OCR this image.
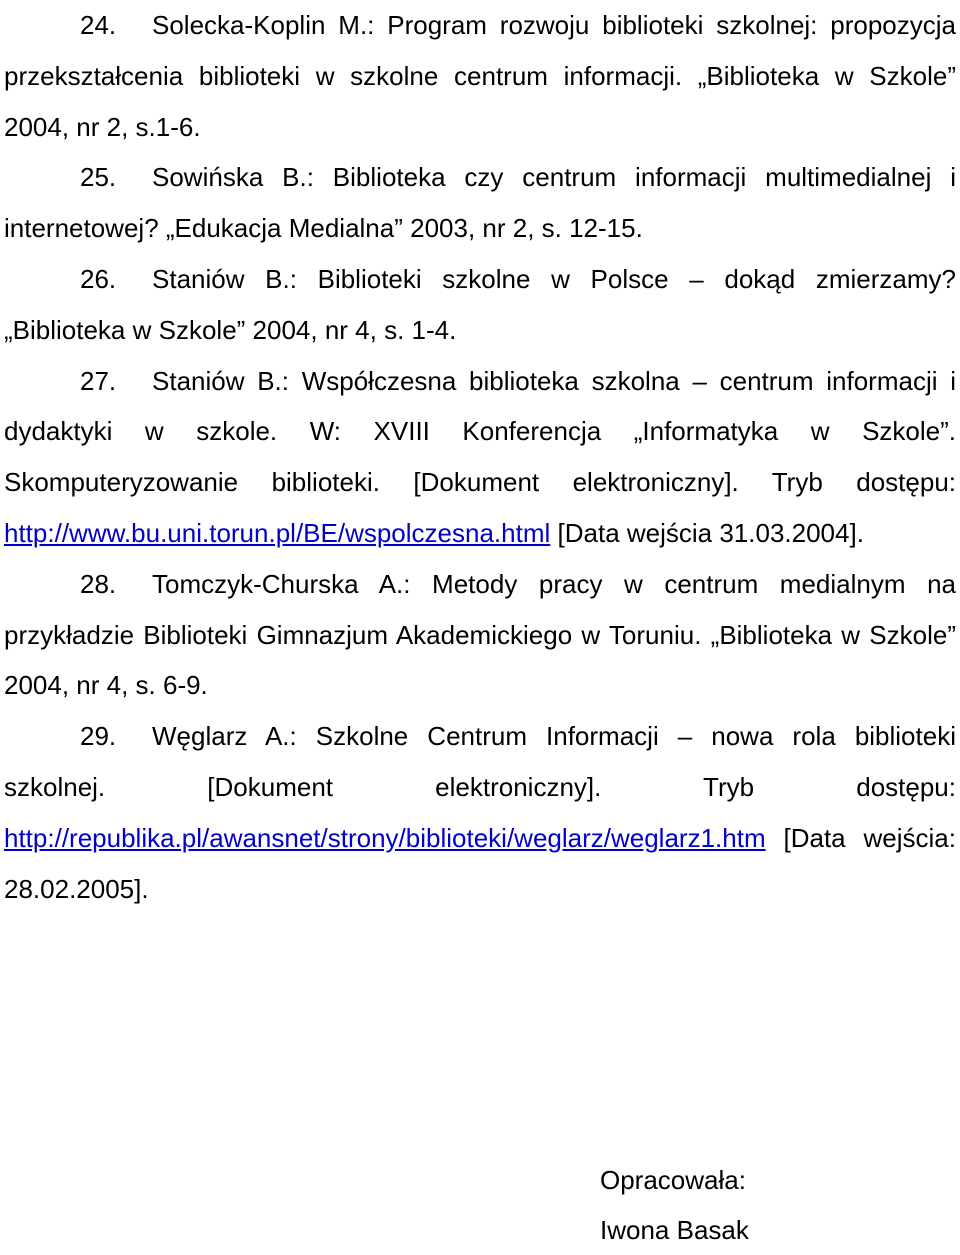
24. Solecka-Koplin M.: Program rozwoju biblioteki szkolnej: propozycja przekształcenia biblioteki w szkolne centrum informacji. „Biblioteka w Szkole” 2004, nr 2, s.1-6.

25. Sowińska B.: Biblioteka czy centrum informacji multimedialnej i internetowej? „Edukacja Medialna” 2003, nr 2, s. 12-15.

26. Staniów B.: Biblioteki szkolne w Polsce – dokąd zmierzamy? „Biblioteka w Szkole” 2004, nr 4, s. 1-4.

27. Staniów B.: Współczesna biblioteka szkolna – centrum informacji i dydaktyki w szkole. W: XVIII Konferencja „Informatyka w Szkole”. Skomputeryzowanie biblioteki. [Dokument elektroniczny]. Tryb dostępu: http://www.bu.uni.torun.pl/BE/wspolczesna.html [Data wejścia 31.03.2004].

28. Tomczyk-Churska A.: Metody pracy w centrum medialnym na przykładzie Biblioteki Gimnazjum Akademickiego w Toruniu. „Biblioteka w Szkole” 2004, nr 4, s. 6-9.

29. Węglarz A.: Szkolne Centrum Informacji – nowa rola biblioteki szkolnej. [Dokument elektroniczny]. Tryb dostępu: http://republika.pl/awansnet/strony/biblioteki/weglarz/weglarz1.htm [Data wejścia: 28.02.2005].

Opracowała:
Iwona Basak
